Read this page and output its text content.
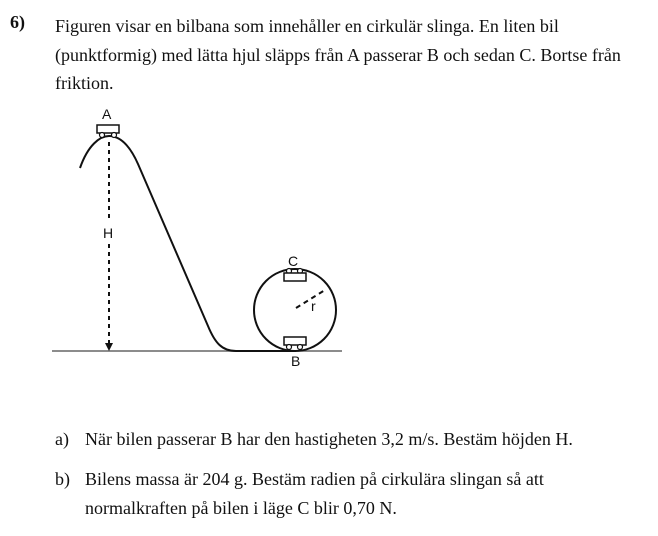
6) Figuren visar en bilbana som innehåller en cirkulär slinga. En liten bil (punktformig) med lätta hjul släpps från A passerar B och sedan C. Bortse från friktion.
A
H
C
r
B
a) När bilen passerar B har den hastigheten 3,2 m/s. Bestäm höjden H.
b) Bilens massa är 204 g. Bestäm radien på cirkulära slingan så att normalkraften på bilen i läge C blir 0,70 N.
